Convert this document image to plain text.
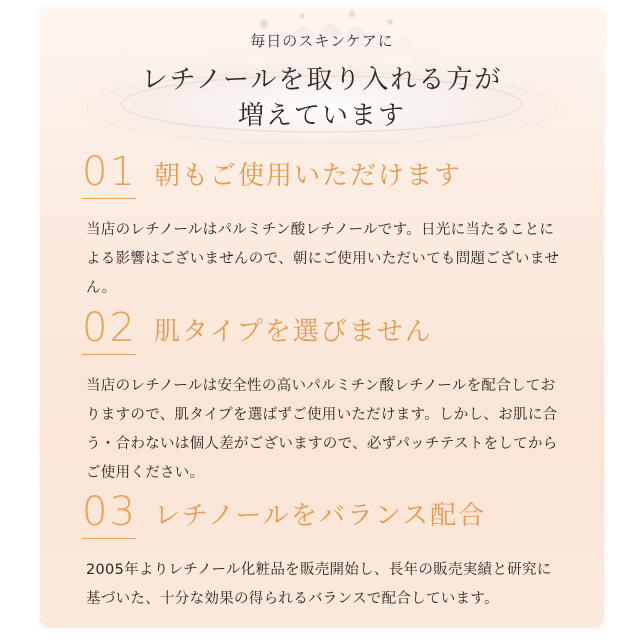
毎日のスキンケアに
レチノールを取り入れる方が
増えています
01 朝もご使用いただけます
当店のレチノールはパルミチン酸レチノールです。日光に当たることによる影響はございませんので、朝にご使用いただいても問題ございません。
02 肌タイプを選びません
当店のレチノールは安全性の高いパルミチン酸レチノールを配合しておりますので、肌タイプを選ばずご使用いただけます。しかし、お肌に合う・合わないは個人差がございますので、必ずパッチテストをしてからご使用ください。
03 レチノールをバランス配合
2005年よりレチノール化粧品を販売開始し、長年の販売実績と研究に基づいた、十分な効果の得られるバランスで配合しています。
